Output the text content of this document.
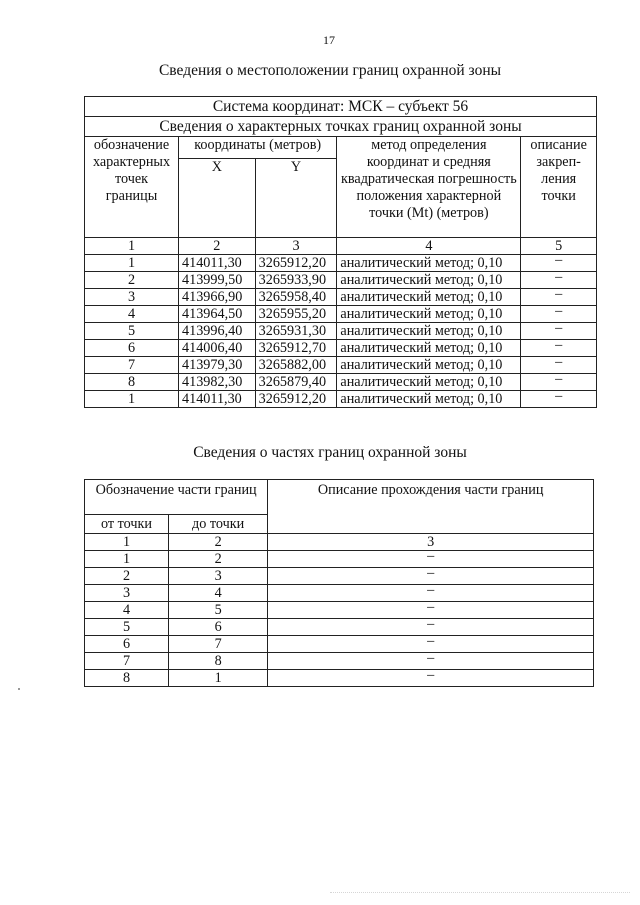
17
Сведения о местоположении границ охранной зоны
Система координат: МСК – субъект 56				
Сведения о характерных точках границ охранной зоны				
обозначение характерных точек границы	координаты (метров)		метод определения координат и средняя квадратическая погрешность положения характерной точки (Mt) (метров)	описание закреп-ления точки
	X	Y		
1	2	3	4	5
1	414011,30	3265912,20	аналитический метод; 0,10	–

2	413999,50	3265933,90	аналитический метод; 0,10	–

3	413966,90	3265958,40	аналитический метод; 0,10	–

4	413964,50	3265955,20	аналитический метод; 0,10	–

5	413996,40	3265931,30	аналитический метод; 0,10	–

6	414006,40	3265912,70	аналитический метод; 0,10	–

7	413979,30	3265882,00	аналитический метод; 0,10	–

8	413982,30	3265879,40	аналитический метод; 0,10	–

1	414011,30	3265912,20	аналитический метод; 0,10	–
Сведения о частях границ охранной зоны
Обозначение части границ		Описание прохождения части границ
от точки	до точки	
1	2	3
1	2	–

2	3	–

3	4	–

4	5	–

5	6	–

6	7	–

7	8	–

8	1	–
